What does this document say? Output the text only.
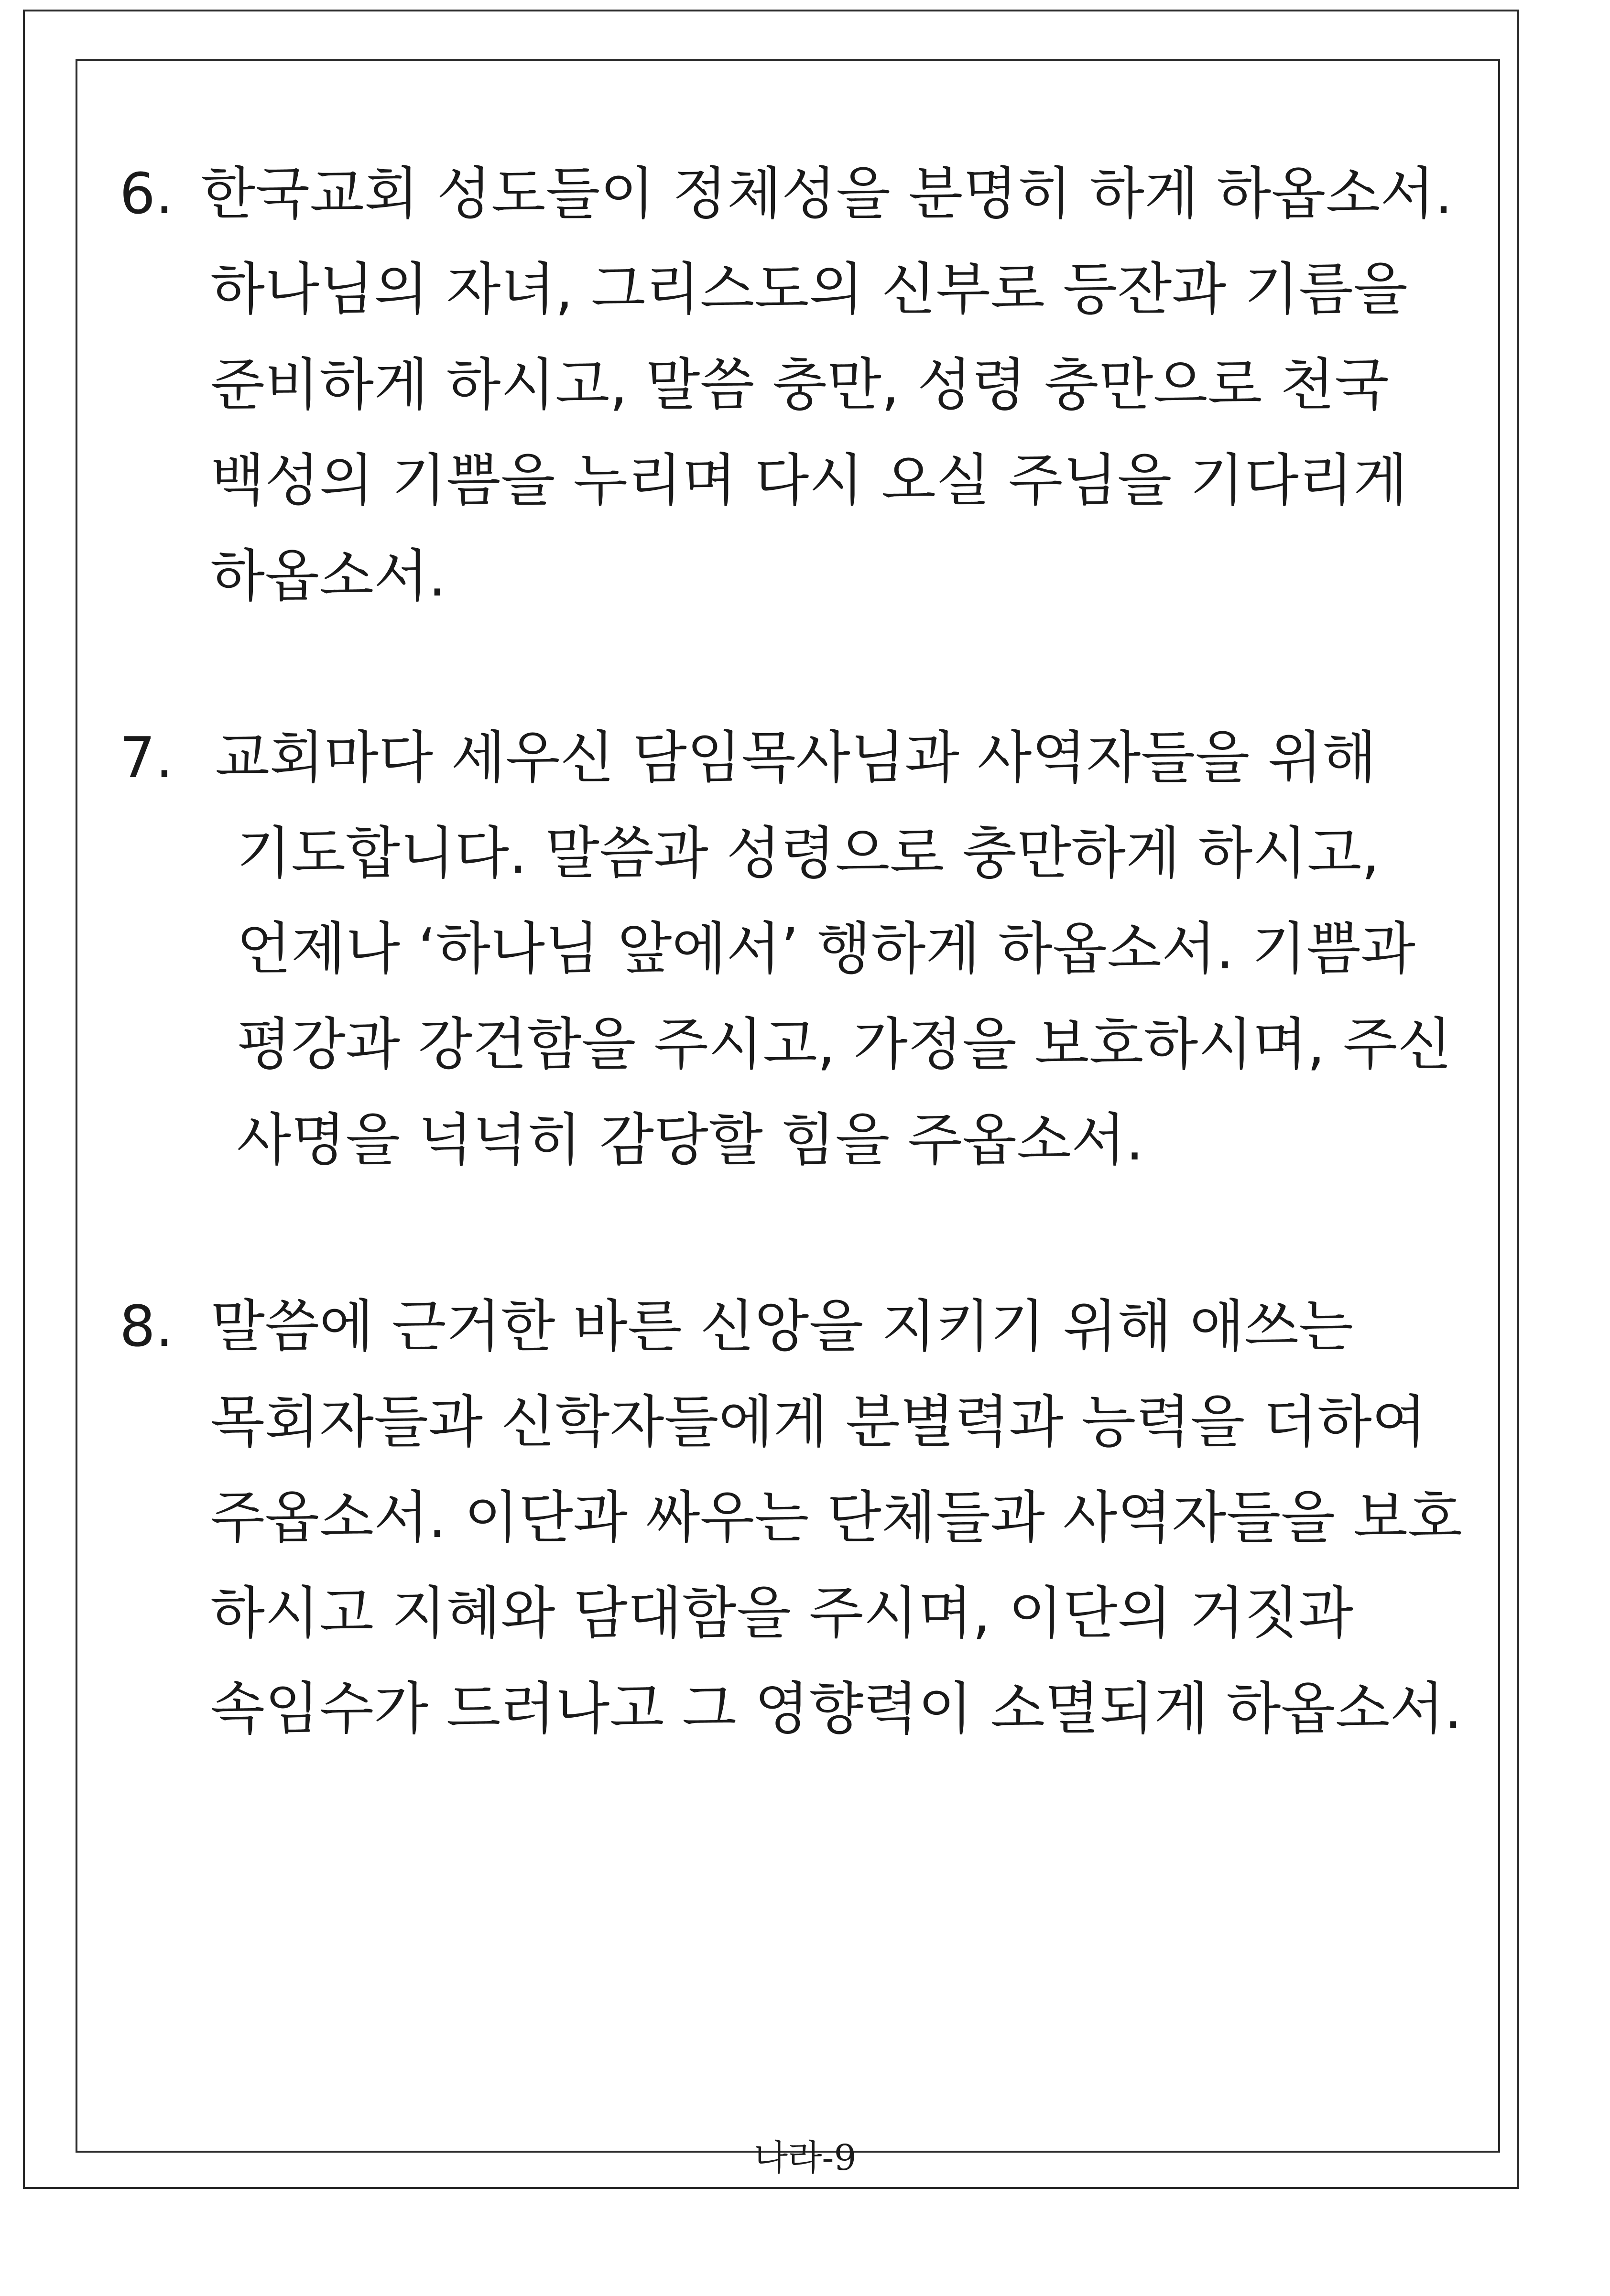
6. 한국교회 성도들이 정체성을 분명히 하게 하옵소서.
하나님의 자녀, 그리스도의 신부로 등잔과 기름을
준비하게 하시고, 말씀 충만, 성령 충만으로 천국
백성의 기쁨을 누리며 다시 오실 주님을 기다리게
하옵소서.
7. 교회마다 세우신 담임목사님과 사역자들을 위해
기도합니다. 말씀과 성령으로 충만하게 하시고,
언제나 ‘하나님 앞에서’ 행하게 하옵소서. 기쁨과
평강과 강건함을 주시고, 가정을 보호하시며, 주신
사명을 넉넉히 감당할 힘을 주옵소서.
8. 말씀에 근거한 바른 신앙을 지키기 위해 애쓰는
목회자들과 신학자들에게 분별력과 능력을 더하여
주옵소서. 이단과 싸우는 단체들과 사역자들을 보호
하시고 지혜와 담대함을 주시며, 이단의 거짓과
속임수가 드러나고 그 영향력이 소멸되게 하옵소서.
나라-9
